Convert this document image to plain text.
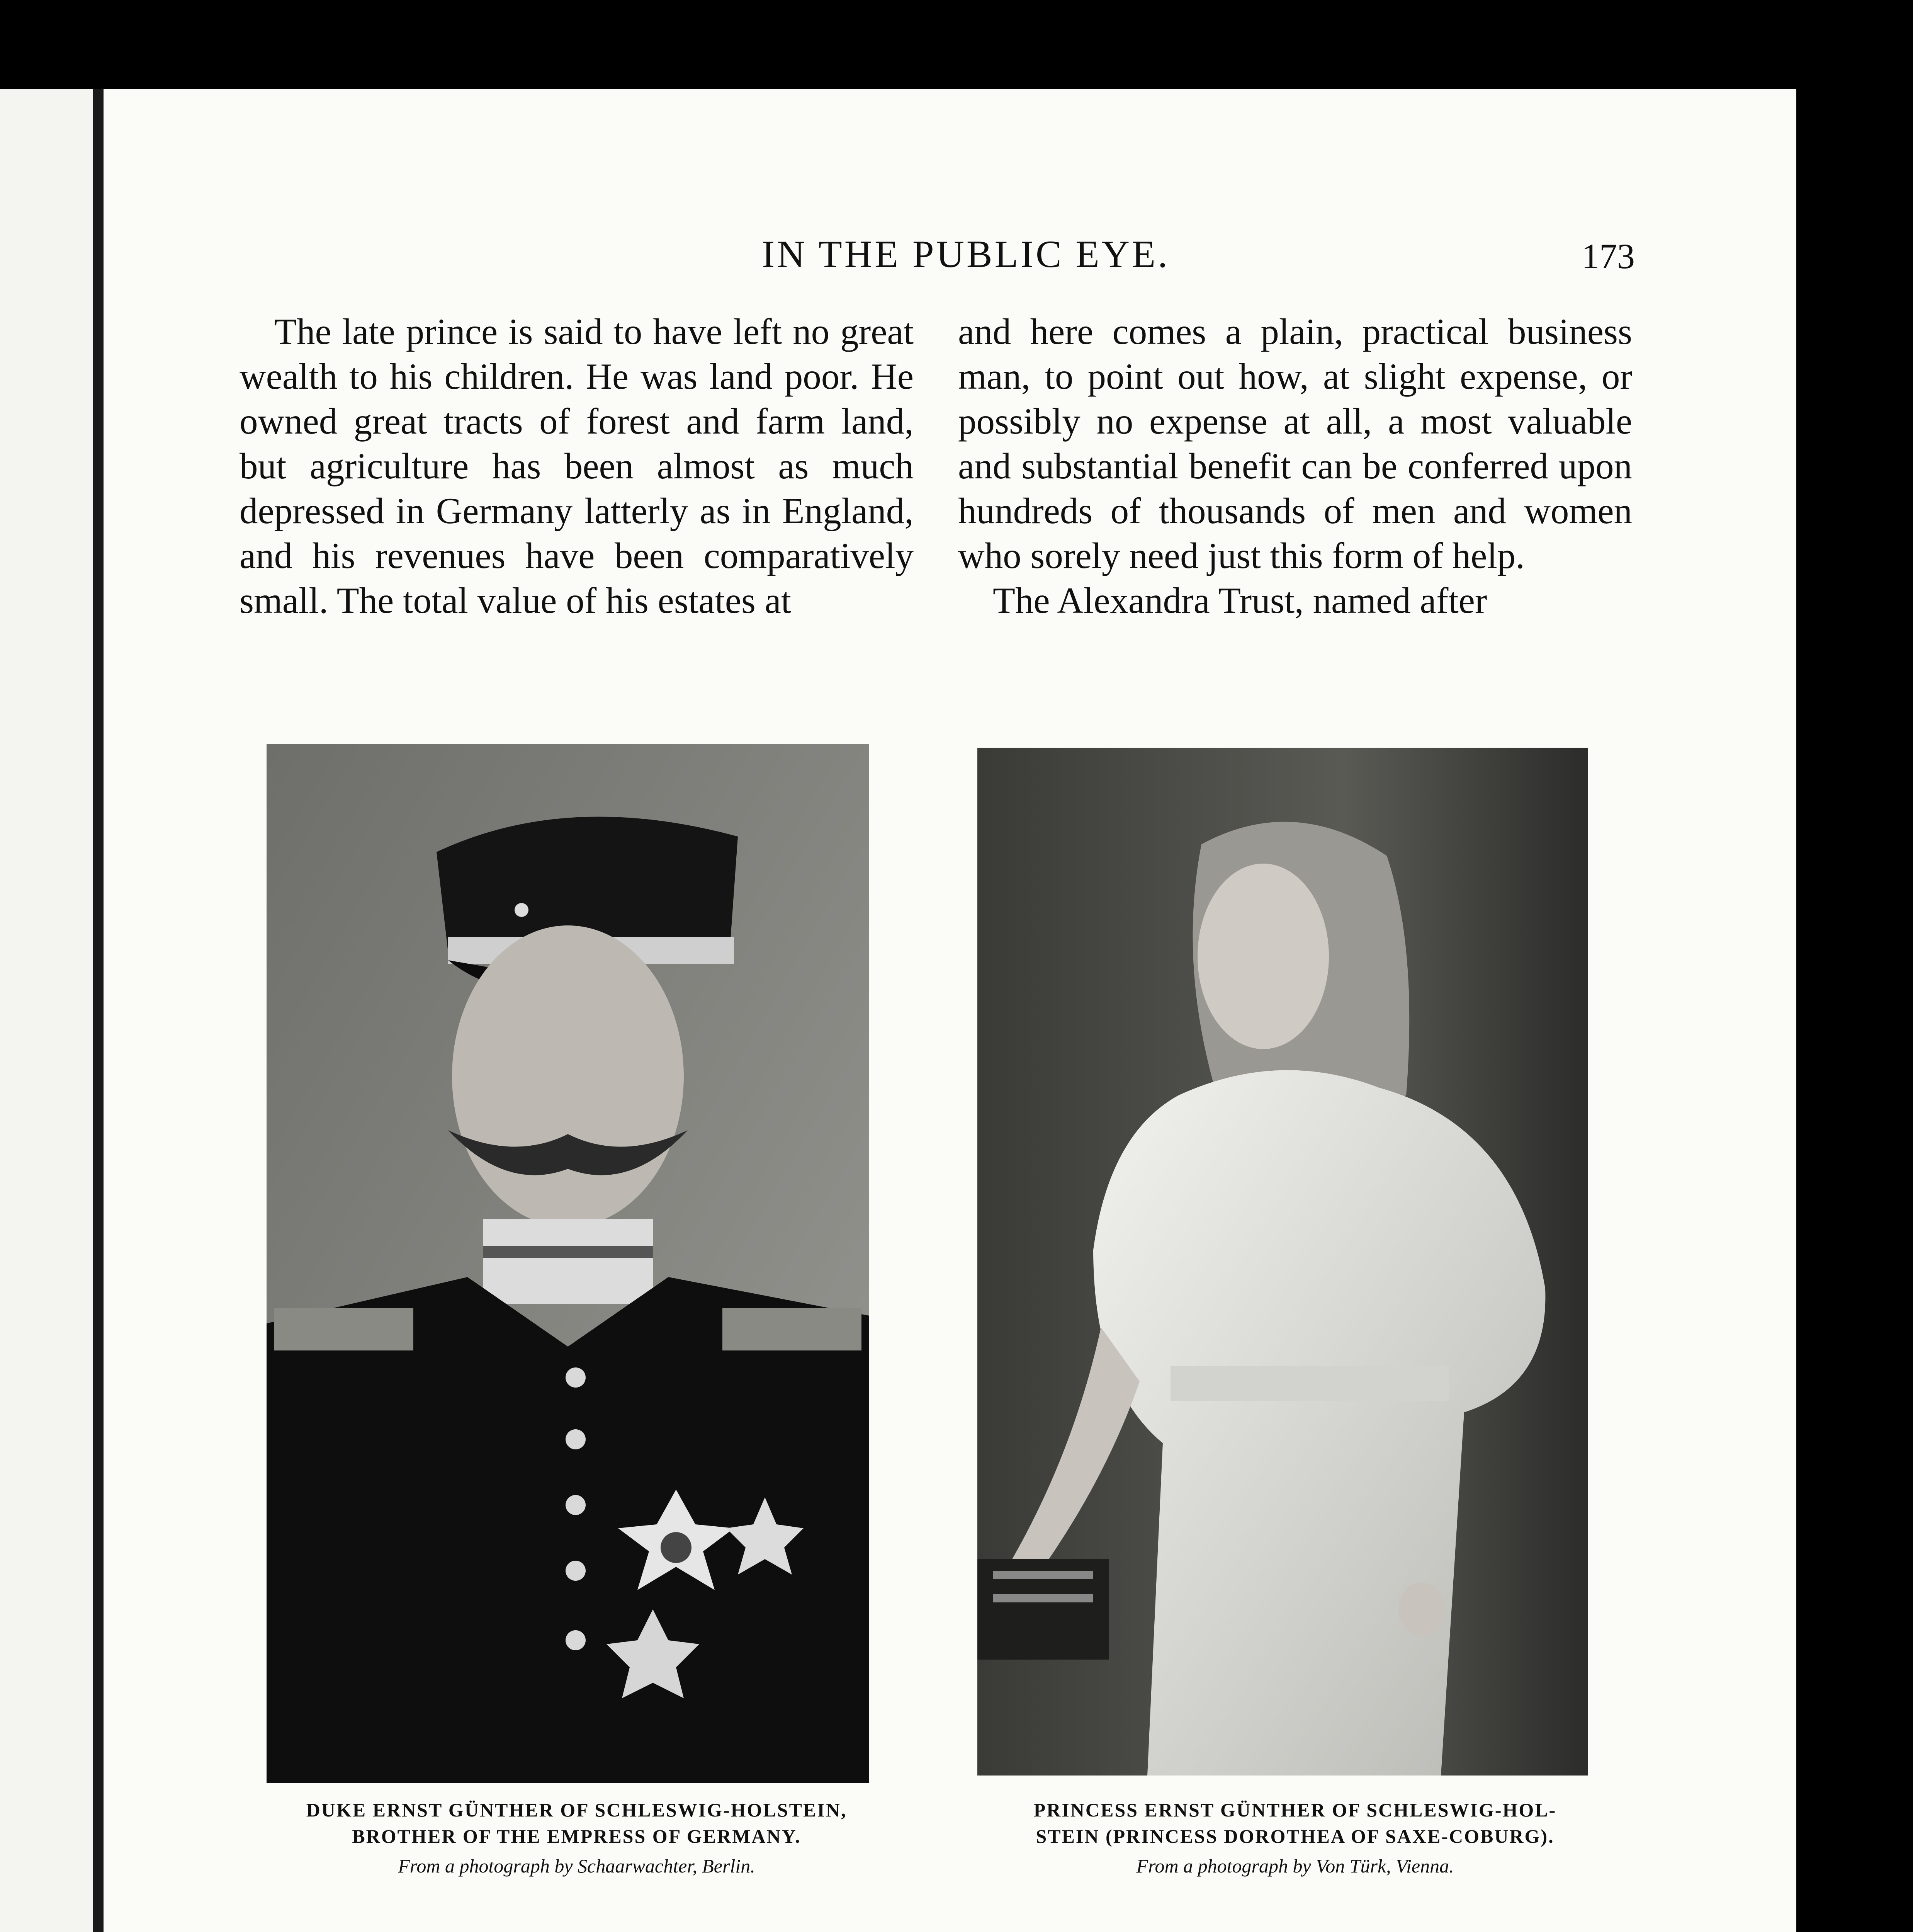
IN THE PUBLIC EYE.	173

The late prince is said to have left no great wealth to his children. He was land poor. He owned great tracts of forest and farm land, but agriculture has been almost as much depressed in Germany latterly as in England, and his revenues have been comparatively small. The total value of his estates at

and here comes a plain, practical business man, to point out how, at slight expense, or possibly no expense at all, a most valuable and substantial benefit can be conferred upon hundreds of thousands of men and women who sorely need just this form of help.

The Alexandra Trust, named after

DUKE ERNST GÜNTHER OF SCHLESWIG-HOLSTEIN,
BROTHER OF THE EMPRESS OF GERMANY.
From a photograph by Schaarwachter, Berlin.
PRINCESS ERNST GÜNTHER OF SCHLESWIG-HOL-
STEIN (PRINCESS DOROTHEA OF SAXE-COBURG).
From a photograph by Von Türk, Vienna.
